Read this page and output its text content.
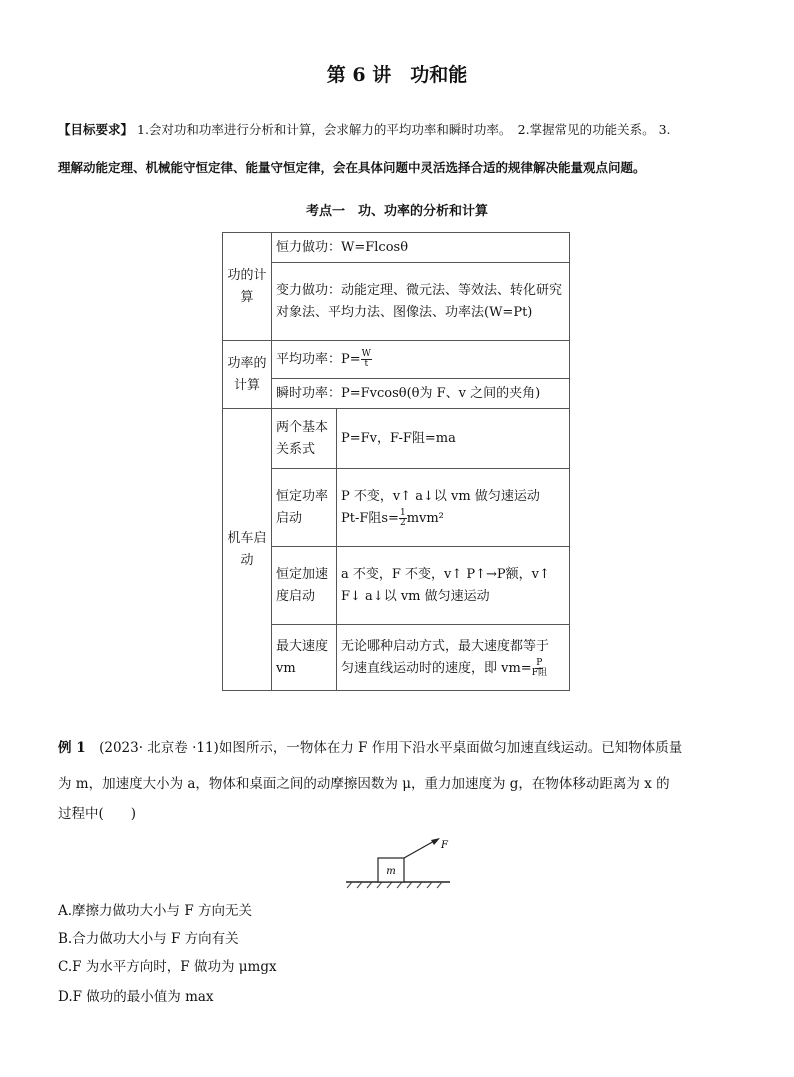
第 6 讲　功和能
【目标要求】 1.会对功和功率进行分析和计算，会求解力的平均功率和瞬时功率。　2.掌握常见的功能关系。 3.
理解动能定理、机械能守恒定律、能量守恒定律，会在具体问题中灵活选择合适的规律解决能量观点问题。
考点一　功、功率的分析和计算
功的计算	恒力做功：W=Flcosθ	
	变力做功：动能定理、微元法、等效法、转化研究对象法、平均力法、图像法、功率法(W=Pt)	
功率的计算	平均功率：$P= \frac{W}{t}$

	瞬时功率：P=Fvcosθ(θ为 F、v 之间的夹角)	
机车启动	两个基本关系式	P=Fv，F-F阻=ma
	恒定功率启动	P 不变，v↑ a↓以 vm 做匀速运动
Pt-F阻$s= \frac{1}{2} mvm^2$

	恒定加速度启动	a 不变，F 不变，v↑ P↑→P额，v↑
F↓ a↓以 vm 做匀速运动

	最大速度 vm	无论哪种启动方式，最大速度都等于
匀速直线运动时的速度，即 $vm= \frac{P}{\text{F阻}}$
例 1　 (2023· 北京卷 ·11)如图所示，一物体在力 F 作用下沿水平桌面做匀加速直线运动。已知物体质量
为 m，加速度大小为 a，物体和桌面之间的动摩擦因数为 μ，重力加速度为 g，在物体移动距离为 x 的
过程中(　　)
m
F
A.摩擦力做功大小与 F 方向无关
B.合力做功大小与 F 方向有关
C.F 为水平方向时，F 做功为 μmgx
D.F 做功的最小值为 max
